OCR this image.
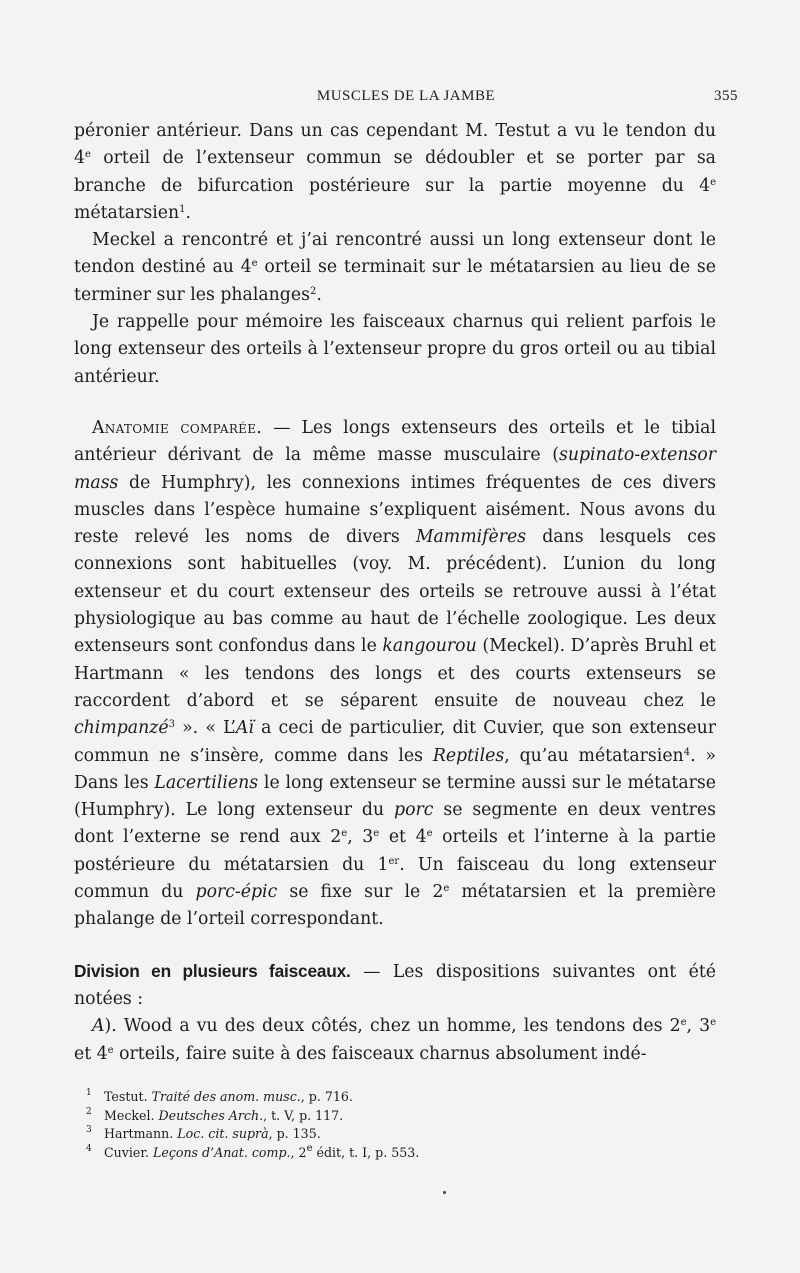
MUSCLES DE LA JAMBE	355

péronier antérieur. Dans un cas cependant M. Testut a vu le tendon du 4e orteil de l’extenseur commun se dédoubler et se porter par sa branche de bifurcation postérieure sur la partie moyenne du 4e métatarsien$^1$.

Meckel a rencontré et j’ai rencontré aussi un long extenseur dont le tendon destiné au 4e orteil se terminait sur le métatarsien au lieu de se terminer sur les phalanges$^2$.

Je rappelle pour mémoire les faisceaux charnus qui relient parfois le long extenseur des orteils à l’extenseur propre du gros orteil ou au tibial antérieur.

Anatomie comparée. — Les longs extenseurs des orteils et le tibial antérieur dérivant de la même masse musculaire (supinato-extensor mass de Humphry), les connexions intimes fréquentes de ces divers muscles dans l’espèce humaine s’expliquent aisément. Nous avons du reste relevé les noms de divers Mammifères dans lesquels ces connexions sont habituelles (voy. M. précédent). L’union du long extenseur et du court extenseur des orteils se retrouve aussi à l’état physiologique au bas comme au haut de l’échelle zoologique. Les deux extenseurs sont confondus dans le kangourou (Meckel). D’après Bruhl et Hartmann « les tendons des longs et des courts extenseurs se raccordent d’abord et se séparent ensuite de nouveau chez le chimpanzé$^3$ ». « L’Aï a ceci de particulier, dit Cuvier, que son extenseur commun ne s’insère, comme dans les Reptiles, qu’au métatarsien$^4$. » Dans les Lacertiliens le long extenseur se termine aussi sur le métatarse (Humphry). Le long extenseur du porc se segmente en deux ventres dont l’externe se rend aux 2e, 3e et 4e orteils et l’interne à la partie postérieure du métatarsien du 1er. Un faisceau du long extenseur commun du porc-épic se fixe sur le 2e métatarsien et la première phalange de l’orteil correspondant.

Division en plusieurs faisceaux. — Les dispositions suivantes ont été notées :

A). Wood a vu des deux côtés, chez un homme, les tendons des 2e, 3e et 4e orteils, faire suite à des faisceaux charnus absolument indé-

1 Testut. Traité des anom. musc., p. 716.
2 Meckel. Deutsches Arch., t. V, p. 117.
3 Hartmann. Loc. cit. suprà, p. 135.
4 Cuvier. Leçons d’Anat. comp., 2e édit, t. I, p. 553.
